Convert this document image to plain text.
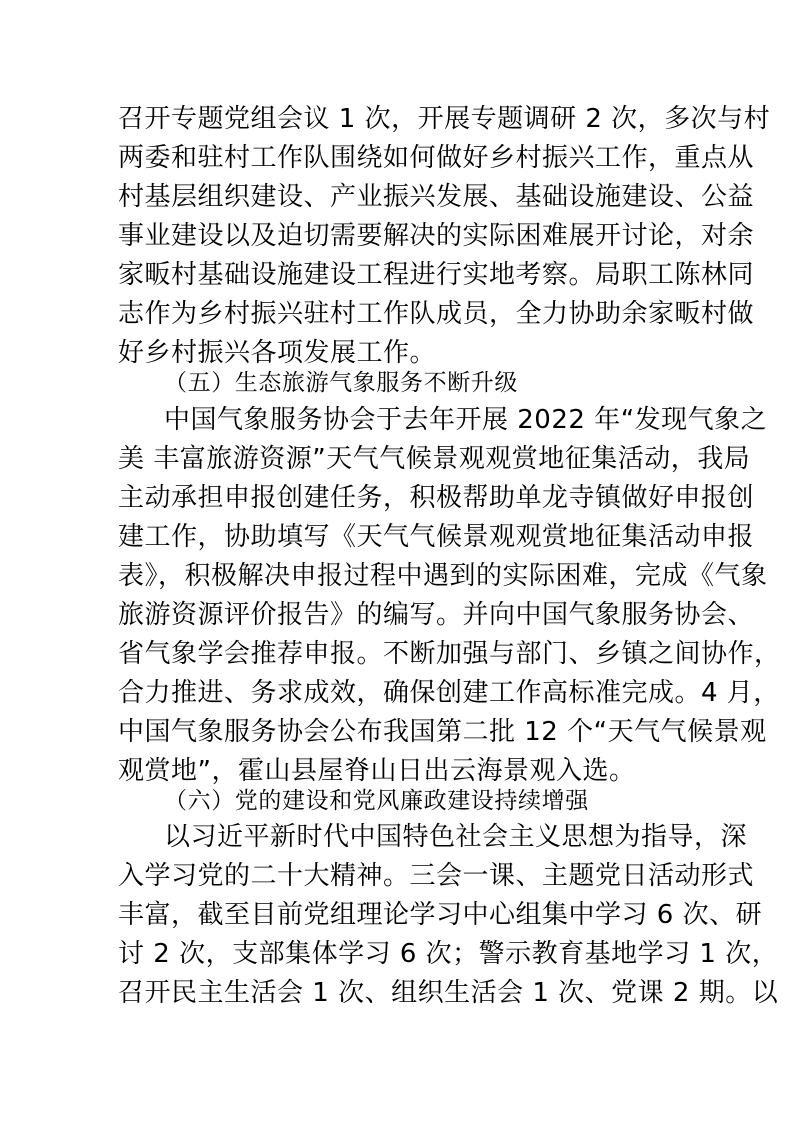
召开专题党组会议 1 次，开展专题调研 2 次，多次与村
两委和驻村工作队围绕如何做好乡村振兴工作，重点从
村基层组织建设、产业振兴发展、基础设施建设、公益
事业建设以及迫切需要解决的实际困难展开讨论，对余
家畈村基础设施建设工程进行实地考察。局职工陈林同
志作为乡村振兴驻村工作队成员，全力协助余家畈村做
好乡村振兴各项发展工作。
（五）生态旅游气象服务不断升级
中国气象服务协会于去年开展 2022 年“发现气象之
美 丰富旅游资源”天气气候景观观赏地征集活动，我局
主动承担申报创建任务，积极帮助单龙寺镇做好申报创
建工作，协助填写《天气气候景观观赏地征集活动申报
表》，积极解决申报过程中遇到的实际困难，完成《气象
旅游资源评价报告》的编写。并向中国气象服务协会、
省气象学会推荐申报。不断加强与部门、乡镇之间协作，
合力推进、务求成效，确保创建工作高标准完成。4 月，
中国气象服务协会公布我国第二批 12 个“天气气候景观
观赏地”，霍山县屋脊山日出云海景观入选。
（六）党的建设和党风廉政建设持续增强
以习近平新时代中国特色社会主义思想为指导，深
入学习党的二十大精神。三会一课、主题党日活动形式
丰富，截至目前党组理论学习中心组集中学习 6 次、研
讨 2 次，支部集体学习 6 次；警示教育基地学习 1 次，
召开民主生活会 1 次、组织生活会 1 次、党课 2 期。以
